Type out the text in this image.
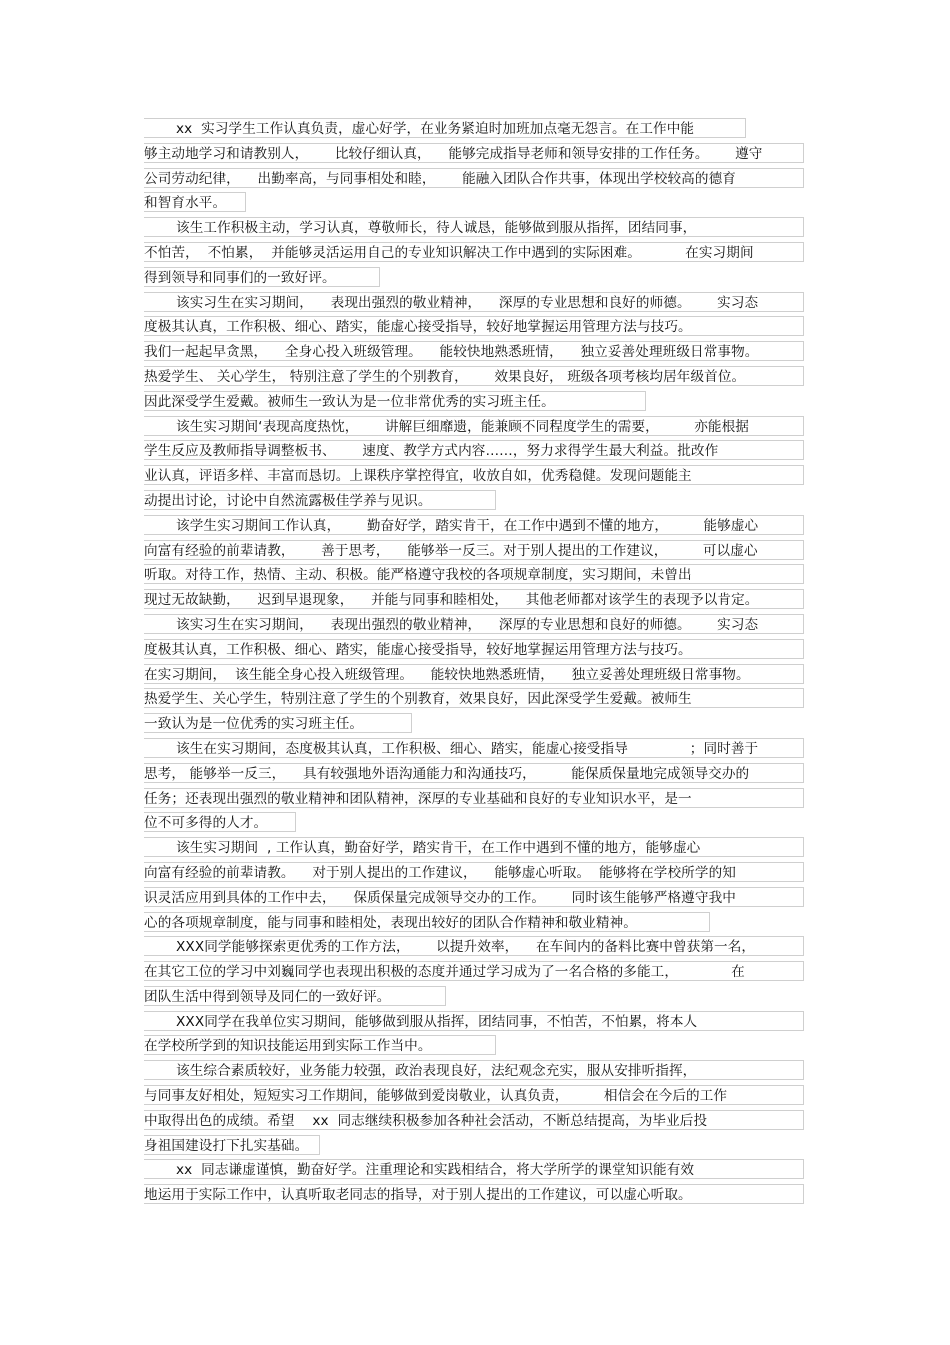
xx  实习学生工作认真负责，虚心好学，在业务紧迫时加班加点毫无怨言。在工作中能
够主动地学习和请教别人，      比较仔细认真，    能够完成指导老师和领导安排的工作任务。      遵守
公司劳动纪律，    出勤率高，与同事相处和睦，      能融入团队合作共事，体现出学校较高的德育
和智育水平。
该生工作积极主动，学习认真，尊敬师长，待人诚恳，能够做到服从指挥，团结同事，
不怕苦，  不怕累，  并能够灵活运用自己的专业知识解决工作中遇到的实际困难。          在实习期间
得到领导和同事们的一致好评。
该实习生在实习期间，    表现出强烈的敬业精神，    深厚的专业思想和良好的师德。      实习态
度极其认真，工作积极、细心、踏实，能虚心接受指导，较好地掌握运用管理方法与技巧。
我们一起起早贪黑，    全身心投入班级管理。    能较快地熟悉班情，    独立妥善处理班级日常事物。
热爱学生、 关心学生， 特别注意了学生的个别教育，      效果良好， 班级各项考核均居年级首位。
因此深受学生爱戴。被师生一致认为是一位非常优秀的实习班主任。
该生实习期间‘表现高度热忱，      讲解巨细靡遗，能兼顾不同程度学生的需要，        亦能根据
学生反应及教师指导调整板书、      速度、教学方式内容……，努力求得学生最大利益。批改作
业认真，评语多样、丰富而恳切。上课秩序掌控得宜，收放自如，优秀稳健。发现问题能主
动提出讨论，讨论中自然流露极佳学养与见识。
该学生实习期间工作认真，      勤奋好学，踏实肯干，在工作中遇到不懂的地方，        能够虚心
向富有经验的前辈请教，      善于思考，    能够举一反三。对于别人提出的工作建议，        可以虚心
听取。对待工作，热情、主动、积极。能严格遵守我校的各项规章制度，实习期间，未曾出
现过无故缺勤，    迟到早退现象，    并能与同事和睦相处，    其他老师都对该学生的表现予以肯定。
该实习生在实习期间，    表现出强烈的敬业精神，    深厚的专业思想和良好的师德。      实习态
度极其认真，工作积极、细心、踏实，能虚心接受指导，较好地掌握运用管理方法与技巧。
在实习期间，  该生能全身心投入班级管理。    能较快地熟悉班情，    独立妥善处理班级日常事物。
热爱学生、关心学生，特别注意了学生的个别教育，效果良好，因此深受学生爱戴。被师生
一致认为是一位优秀的实习班主任。
该生在实习期间，态度极其认真，工作积极、细心、踏实，能虚心接受指导              ；同时善于
思考， 能够举一反三，    具有较强地外语沟通能力和沟通技巧，        能保质保量地完成领导交办的
任务；还表现出强烈的敬业精神和团队精神，深厚的专业基础和良好的专业知识水平，是一
位不可多得的人才。
该生实习期间  , 工作认真，勤奋好学，踏实肯干，在工作中遇到不懂的地方，能够虚心
向富有经验的前辈请教。    对于别人提出的工作建议，    能够虚心听取。  能够将在学校所学的知
识灵活应用到具体的工作中去，    保质保量完成领导交办的工作。      同时该生能够严格遵守我中
心的各项规章制度，能与同事和睦相处，表现出较好的团队合作精神和敬业精神。
XXX同学能够探索更优秀的工作方法，      以提升效率，    在车间内的备料比赛中曾获第一名，
在其它工位的学习中刘巍同学也表现出积极的态度并通过学习成为了一名合格的多能工，            在
团队生活中得到领导及同仁的一致好评。
XXX同学在我单位实习期间，能够做到服从指挥，团结同事，不怕苦，不怕累，将本人
在学校所学到的知识技能运用到实际工作当中。
该生综合素质较好，业务能力较强，政治表现良好，法纪观念充实，服从安排听指挥，
与同事友好相处，短短实习工作期间，能够做到爱岗敬业，认真负责，        相信会在今后的工作
中取得出色的成绩。希望    xx  同志继续积极参加各种社会活动，不断总结提高，为毕业后投
身祖国建设打下扎实基础。
xx  同志谦虚谨慎，勤奋好学。注重理论和实践相结合，将大学所学的课堂知识能有效
地运用于实际工作中，认真听取老同志的指导，对于别人提出的工作建议，可以虚心听取。
